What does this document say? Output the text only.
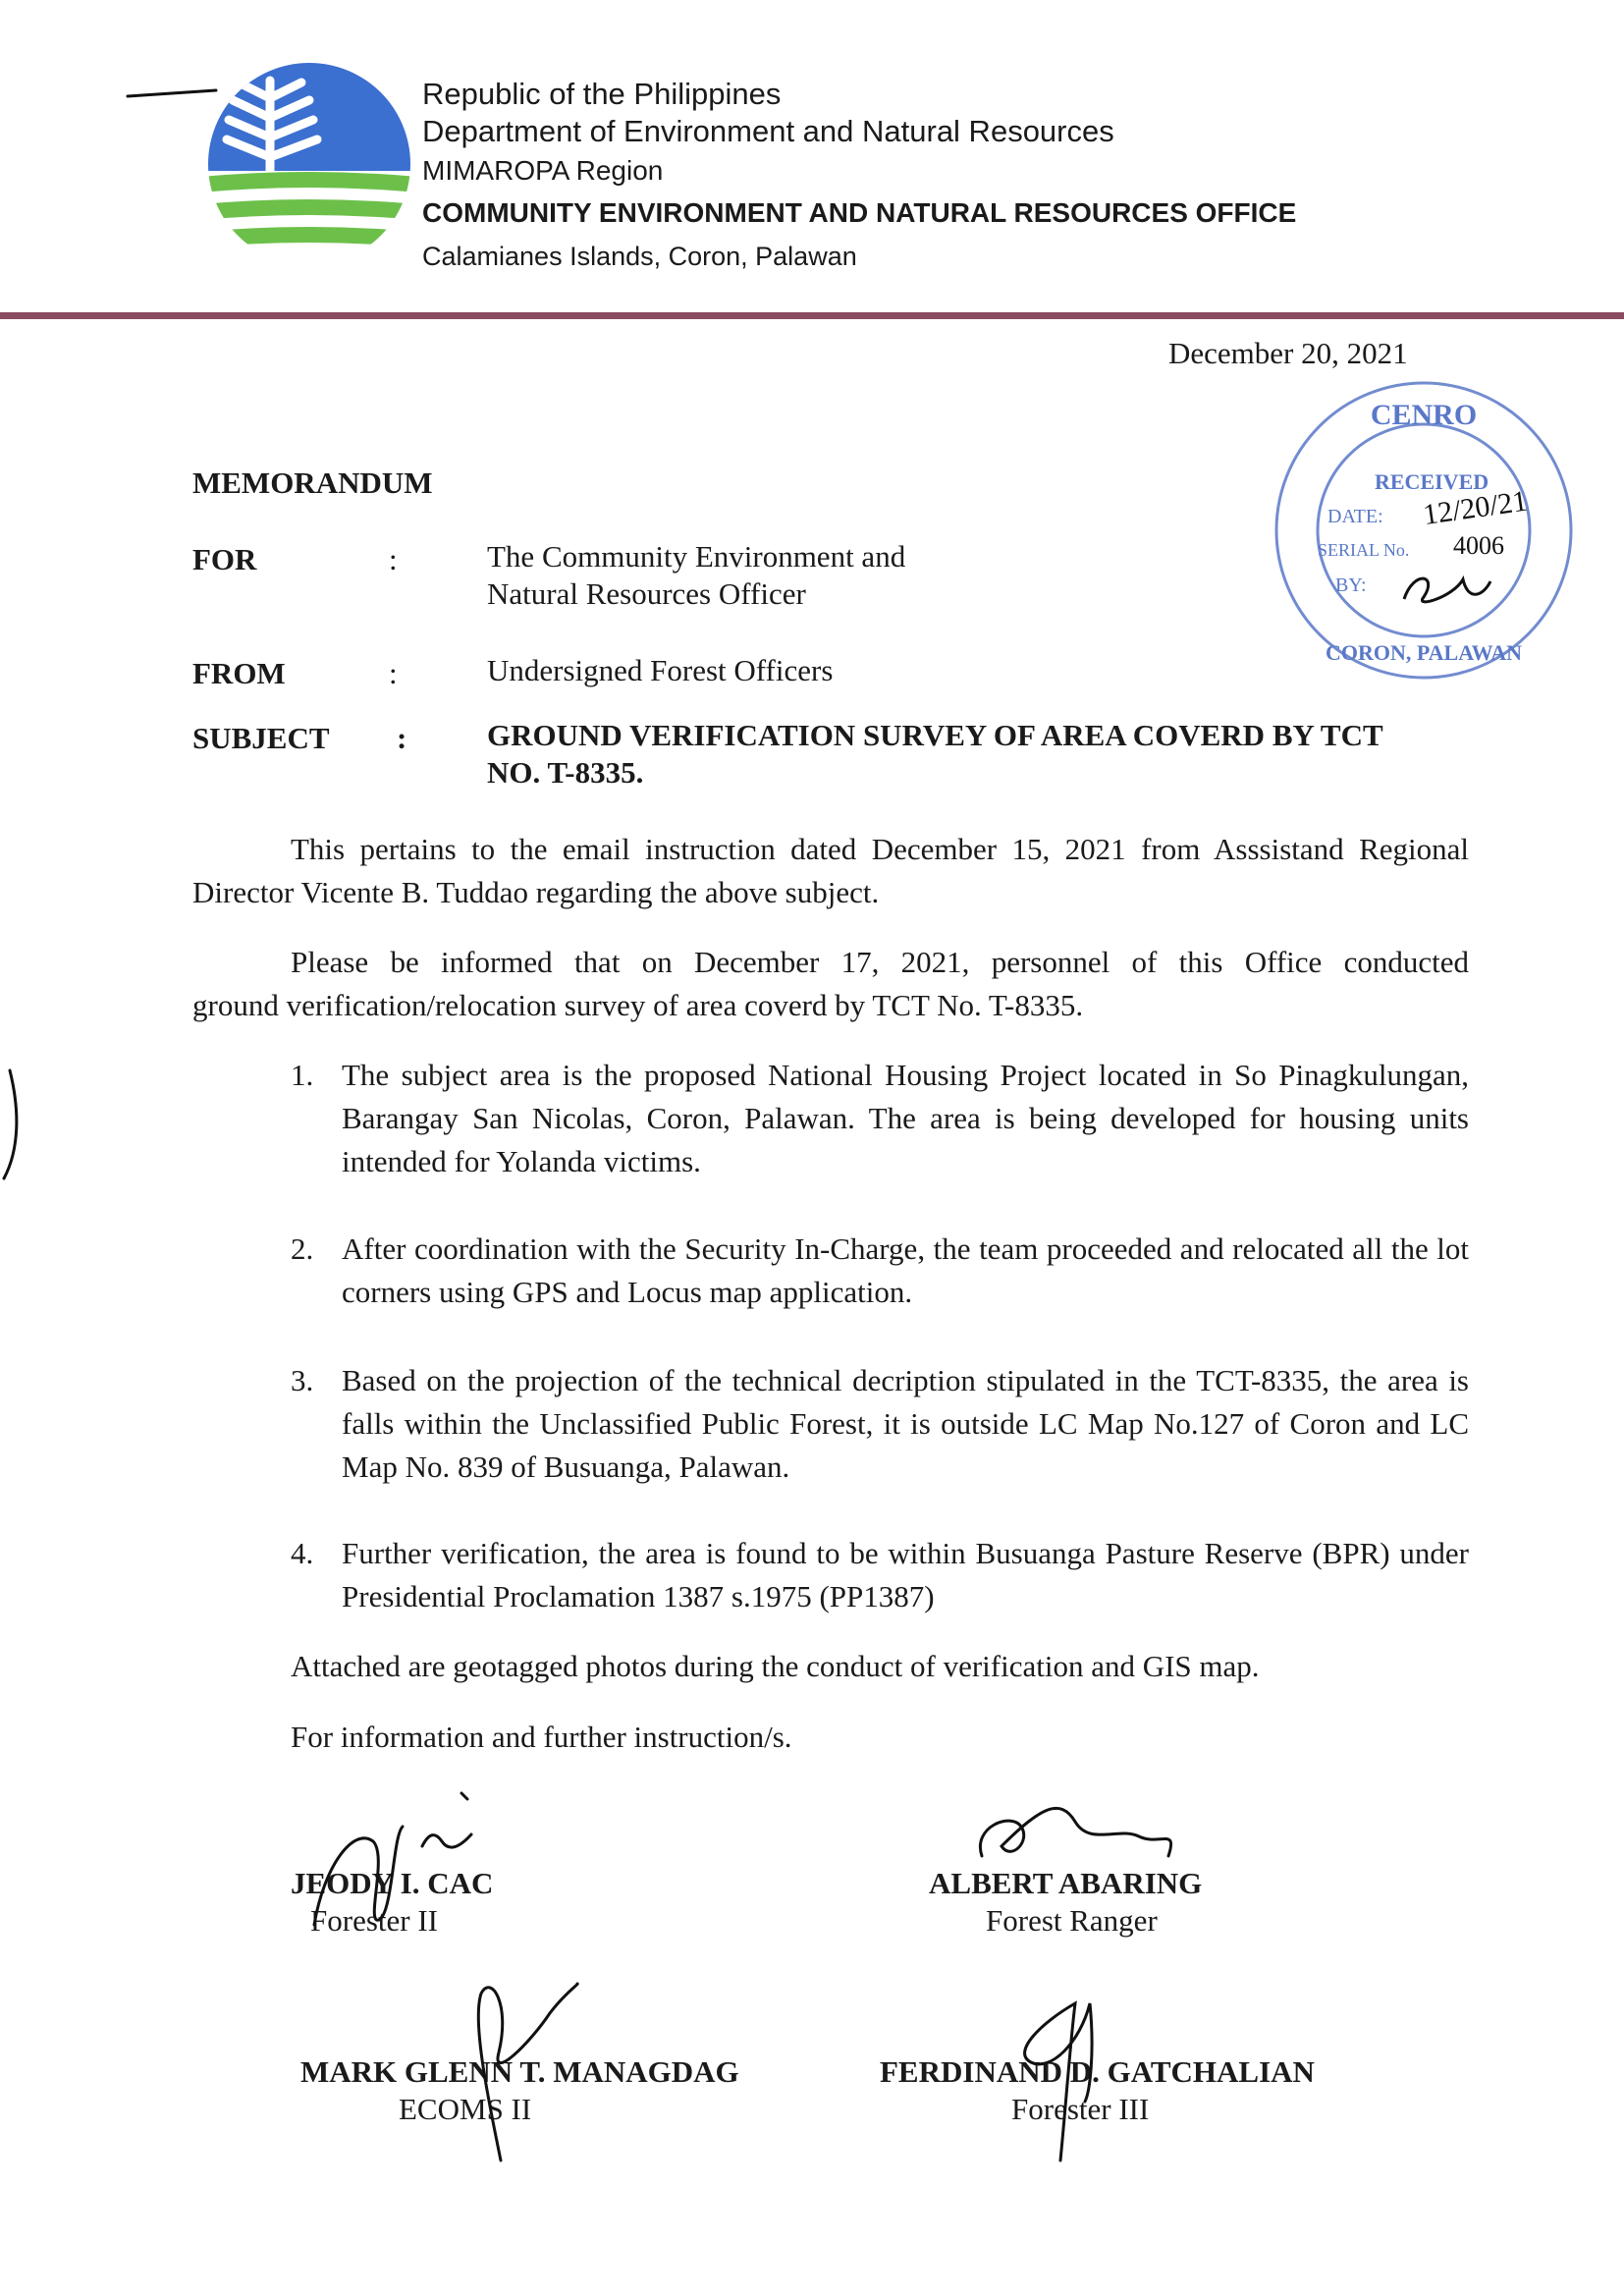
Republic of the Philippines
Department of Environment and Natural Resources
MIMAROPA Region
COMMUNITY ENVIRONMENT AND NATURAL RESOURCES OFFICE
Calamianes Islands, Coron, Palawan
December 20, 2021
CENRO
CORON, PALAWAN
RECEIVED
DATE: 12/20/21
SERIAL No. 4006
BY:
MEMORANDUM
FOR	:	The Community Environment and
Natural Resources Officer
FROM	:	Undersigned Forest Officers
SUBJECT :	GROUND VERIFICATION SURVEY OF AREA COVERD BY TCT
NO. T-8335.
This pertains to the email instruction dated December 15, 2021 from Asssistand Regional
Director Vicente B. Tuddao regarding the above subject.
Please be informed that on December 17, 2021, personnel of this Office conducted
ground verification/relocation survey of area coverd by TCT No. T-8335.
1. The subject area is the proposed National Housing Project located in So Pinagkulungan, Barangay San Nicolas, Coron, Palawan. The area is being developed for housing units intended for Yolanda victims.
2. After coordination with the Security In-Charge, the team proceeded and relocated all the lot corners using GPS and Locus map application.
3. Based on the projection of the technical decription stipulated in the TCT-8335, the area is falls within the Unclassified Public Forest, it is outside LC Map No.127 of Coron and LC Map No. 839 of Busuanga, Palawan.
4. Further verification, the area is found to be within Busuanga Pasture Reserve (BPR) under Presidential Proclamation 1387 s.1975 (PP1387)
Attached are geotagged photos during the conduct of verification and GIS map.
For information and further instruction/s.
JEODY I. CAC
Forester II
ALBERT ABARING
Forest Ranger
MARK GLENN T. MANAGDAG
ECOMS II
FERDINAND D. GATCHALIAN
Forester III
